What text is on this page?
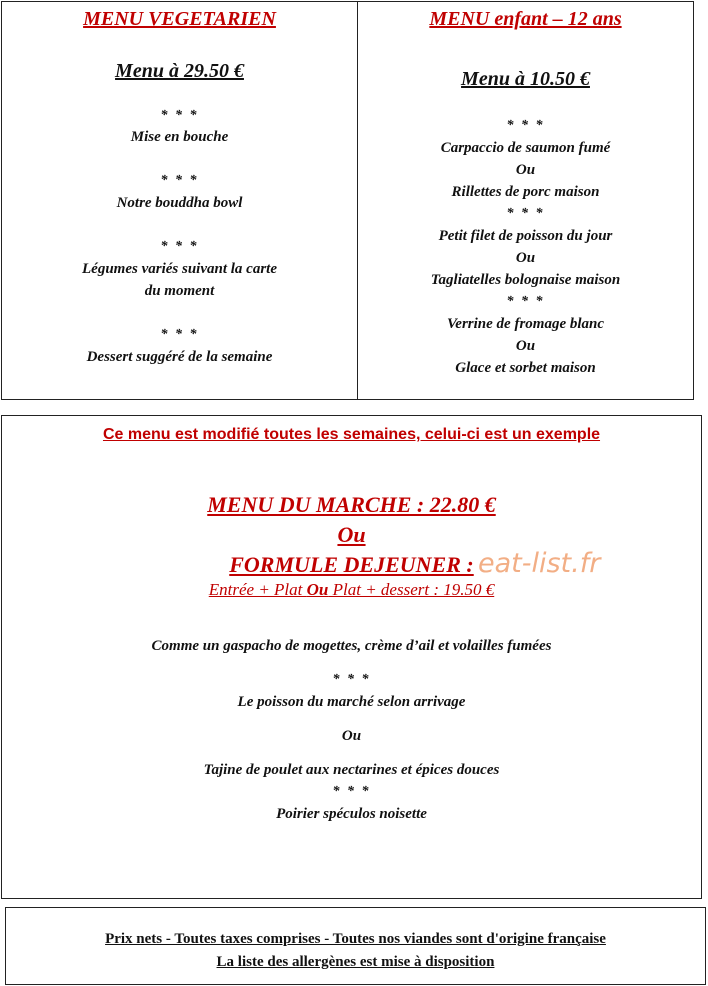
MENU VEGETARIEN
Menu à 29.50 €
* * *
Mise en bouche
* * *
Notre bouddha bowl
* * *
Légumes variés suivant la carte
du moment
* * *
Dessert suggéré de la semaine
MENU enfant – 12 ans
Menu à 10.50 €
* * *
Carpaccio de saumon fumé
Ou
Rillettes de porc maison
* * *
Petit filet de poisson du jour
Ou
Tagliatelles bolognaise maison
* * *
Verrine de fromage blanc
Ou
Glace et sorbet maison
Ce menu est modifié toutes les semaines, celui-ci est un exemple
MENU DU MARCHE : 22.80 €
Ou
FORMULE DEJEUNER :
Entrée + Plat Ou Plat + dessert : 19.50 €
Comme un gaspacho de mogettes, crème d’ail et volailles fumées
* * *
Le poisson du marché selon arrivage
Ou
Tajine de poulet aux nectarines et épices douces
* * *
Poirier spéculos noisette
eat-list.fr
Prix nets - Toutes taxes comprises - Toutes nos viandes sont d'origine française
La liste des allergènes est mise à disposition
